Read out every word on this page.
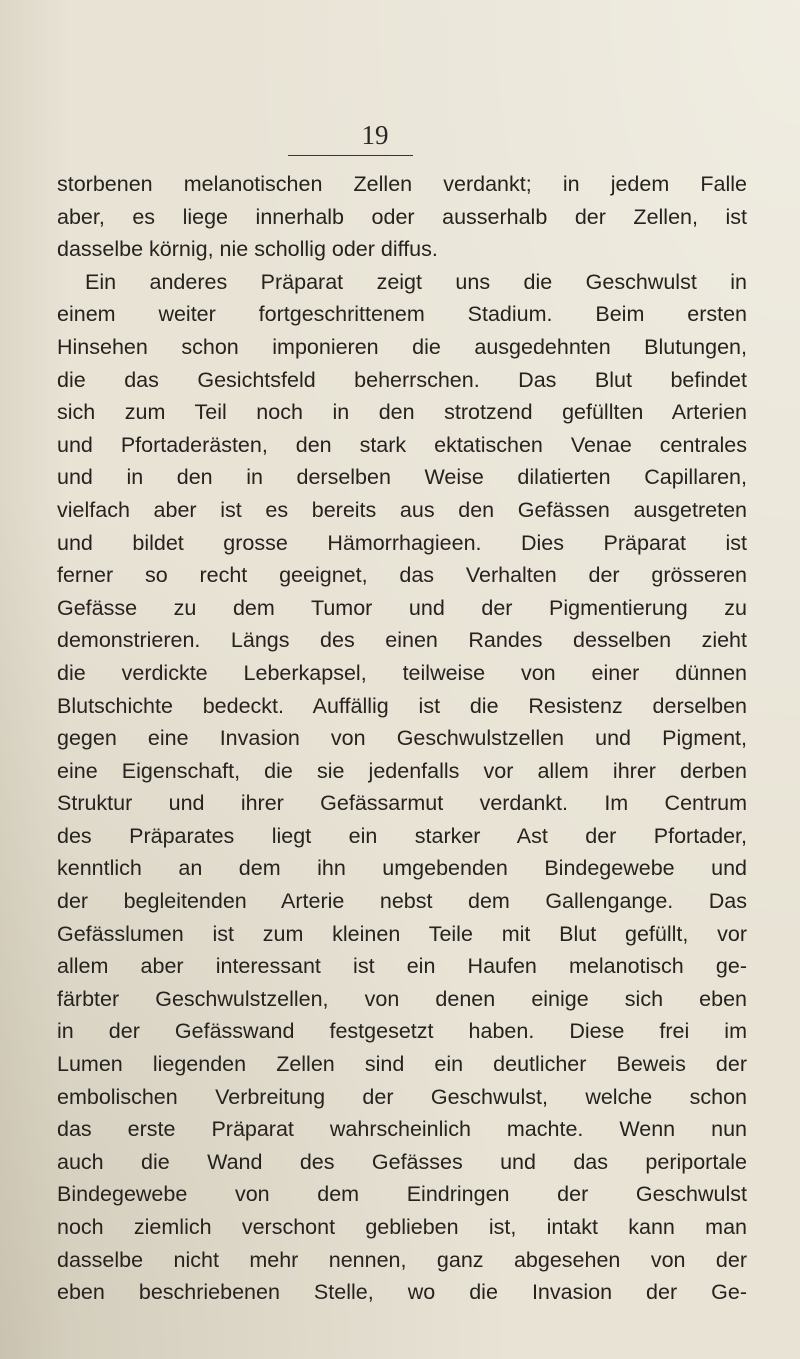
19
storbenen melanotischen Zellen verdankt; in jedem Falle
aber, es liege innerhalb oder ausserhalb der Zellen, ist
dasselbe körnig, nie schollig oder diffus.
Ein anderes Präparat zeigt uns die Geschwulst in
einem weiter fortgeschrittenem Stadium. Beim ersten
Hinsehen schon imponieren die ausgedehnten Blutungen,
die das Gesichtsfeld beherrschen. Das Blut befindet
sich zum Teil noch in den strotzend gefüllten Arterien
und Pfortaderästen, den stark ektatischen Venae centrales
und in den in derselben Weise dilatierten Capillaren,
vielfach aber ist es bereits aus den Gefässen ausgetreten
und bildet grosse Hämorrhagieen. Dies Präparat ist
ferner so recht geeignet, das Verhalten der grösseren
Gefässe zu dem Tumor und der Pigmentierung zu
demonstrieren. Längs des einen Randes desselben zieht
die verdickte Leberkapsel, teilweise von einer dünnen
Blutschichte bedeckt. Auffällig ist die Resistenz derselben
gegen eine Invasion von Geschwulstzellen und Pigment,
eine Eigenschaft, die sie jedenfalls vor allem ihrer derben
Struktur und ihrer Gefässarmut verdankt. Im Centrum
des Präparates liegt ein starker Ast der Pfortader,
kenntlich an dem ihn umgebenden Bindegewebe und
der begleitenden Arterie nebst dem Gallengange. Das
Gefässlumen ist zum kleinen Teile mit Blut gefüllt, vor
allem aber interessant ist ein Haufen melanotisch ge-
färbter Geschwulstzellen, von denen einige sich eben
in der Gefässwand festgesetzt haben. Diese frei im
Lumen liegenden Zellen sind ein deutlicher Beweis der
embolischen Verbreitung der Geschwulst, welche schon
das erste Präparat wahrscheinlich machte. Wenn nun
auch die Wand des Gefässes und das periportale
Bindegewebe von dem Eindringen der Geschwulst
noch ziemlich verschont geblieben ist, intakt kann man
dasselbe nicht mehr nennen, ganz abgesehen von der
eben beschriebenen Stelle, wo die Invasion der Ge-
